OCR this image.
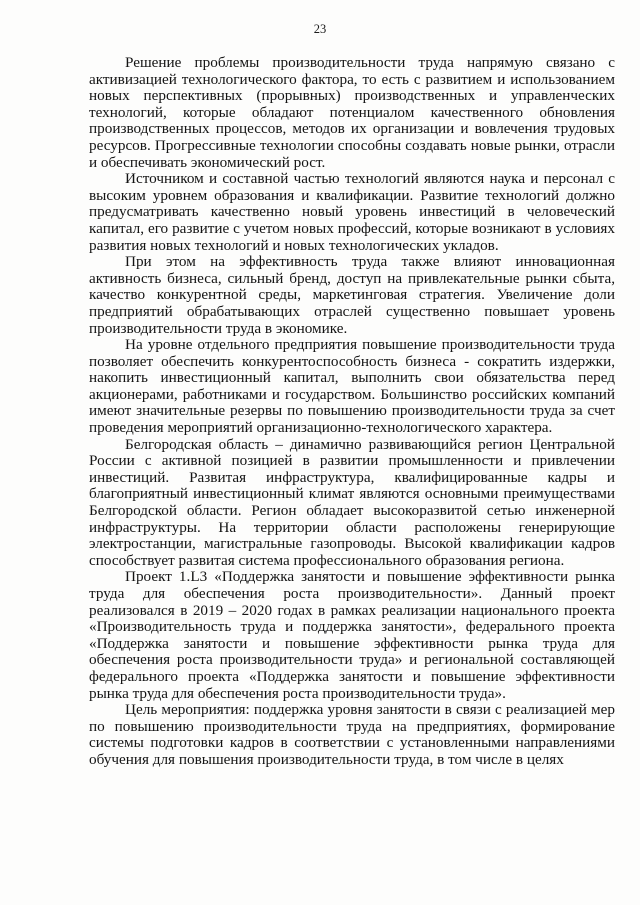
23

Решение проблемы производительности труда напрямую связано с активизацией технологического фактора, то есть с развитием и использованием новых перспективных (прорывных) производственных и управленческих технологий, которые обладают потенциалом качественного обновления производственных процессов, методов их организации и вовлечения трудовых ресурсов. Прогрессивные технологии способны создавать новые рынки, отрасли и обеспечивать экономический рост.

Источником и составной частью технологий являются наука и персонал с высоким уровнем образования и квалификации. Развитие технологий должно предусматривать качественно новый уровень инвестиций в человеческий капитал, его развитие с учетом новых профессий, которые возникают в условиях развития новых технологий и новых технологических укладов.

При этом на эффективность труда также влияют инновационная активность бизнеса, сильный бренд, доступ на привлекательные рынки сбыта, качество конкурентной среды, маркетинговая стратегия. Увеличение доли предприятий обрабатывающих отраслей существенно повышает уровень производительности труда в экономике.

На уровне отдельного предприятия повышение производительности труда позволяет обеспечить конкурентоспособность бизнеса - сократить издержки, накопить инвестиционный капитал, выполнить свои обязательства перед акционерами, работниками и государством. Большинство российских компаний имеют значительные резервы по повышению производительности труда за счет проведения мероприятий организационно-технологического характера.

Белгородская область – динамично развивающийся регион Центральной России с активной позицией в развитии промышленности и привлечении инвестиций. Развитая инфраструктура, квалифицированные кадры и благоприятный инвестиционный климат являются основными преимуществами Белгородской области. Регион обладает высокоразвитой сетью инженерной инфраструктуры. На территории области расположены генерирующие электростанции, магистральные газопроводы. Высокой квалификации кадров способствует развитая система профессионального образования региона.

Проект 1.L3 «Поддержка занятости и повышение эффективности рынка труда для обеспечения роста производительности». Данный проект реализовался в 2019 – 2020 годах в рамках реализации национального проекта «Производительность труда и поддержка занятости», федерального проекта «Поддержка занятости и повышение эффективности рынка труда для обеспечения роста производительности труда» и региональной составляющей федерального проекта «Поддержка занятости и повышение эффективности рынка труда для обеспечения роста производительности труда».

Цель мероприятия: поддержка уровня занятости в связи с реализацией мер по повышению производительности труда на предприятиях, формирование системы подготовки кадров в соответствии с установленными направлениями обучения для повышения производительности труда, в том числе в целях
